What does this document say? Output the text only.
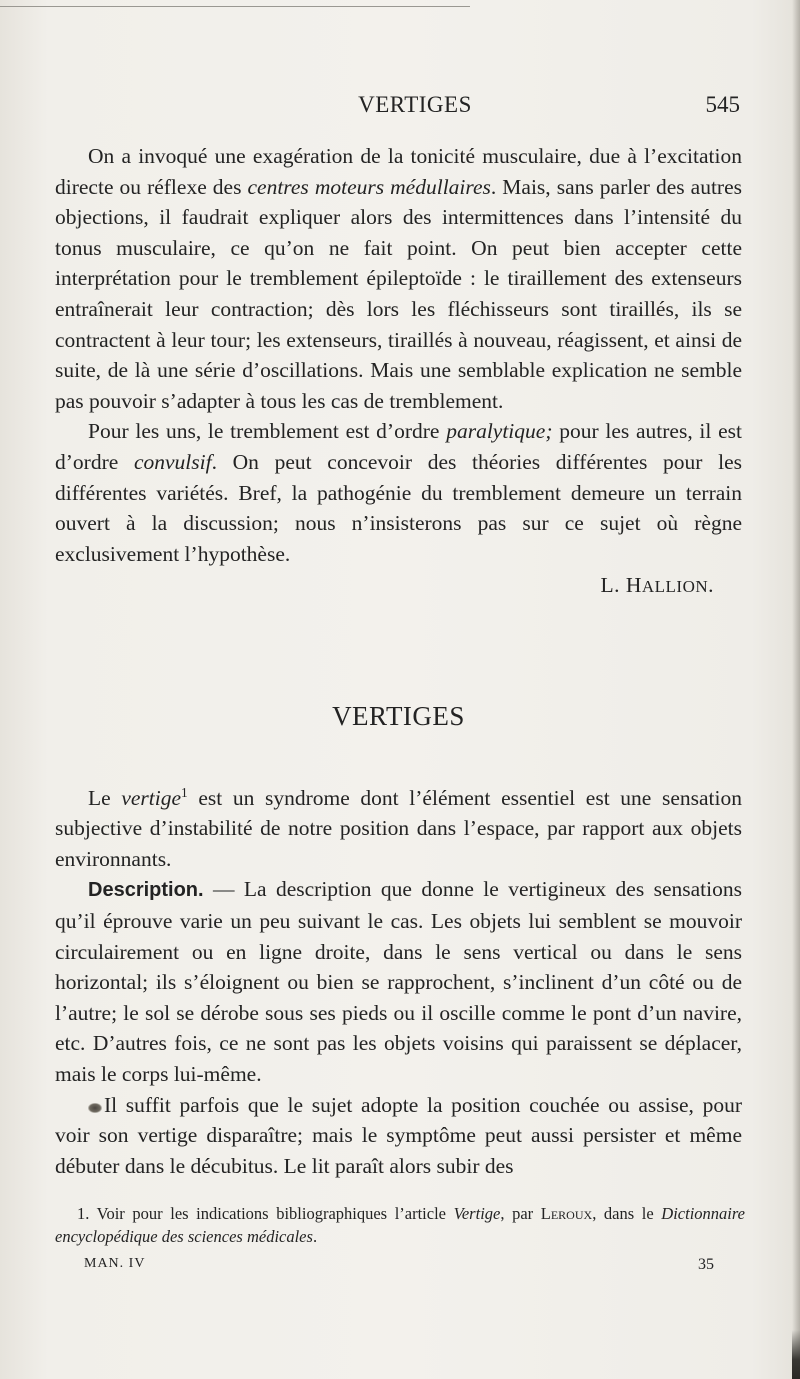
VERTIGES	545

On a invoqué une exagération de la tonicité musculaire, due à l’excitation directe ou réflexe des centres moteurs médullaires. Mais, sans parler des autres objections, il faudrait expliquer alors des intermittences dans l’intensité du tonus musculaire, ce qu’on ne fait point. On peut bien accepter cette interprétation pour le tremblement épileptoïde : le tiraillement des extenseurs entraînerait leur contraction; dès lors les fléchisseurs sont tiraillés, ils se contractent à leur tour; les extenseurs, tiraillés à nouveau, réagissent, et ainsi de suite, de là une série d’oscillations. Mais une semblable explication ne semble pas pouvoir s’adapter à tous les cas de tremblement.

Pour les uns, le tremblement est d’ordre paralytique; pour les autres, il est d’ordre convulsif. On peut concevoir des théories différentes pour les différentes variétés. Bref, la pathogénie du tremblement demeure un terrain ouvert à la discussion; nous n’insisterons pas sur ce sujet où règne exclusivement l’hypothèse.

L. HALLION.
VERTIGES

Le vertige$^1$ est un syndrome dont l’élément essentiel est une sensation subjective d’instabilité de notre position dans l’espace, par rapport aux objets environnants.

Description. — La description que donne le vertigineux des sensations qu’il éprouve varie un peu suivant le cas. Les objets lui semblent se mouvoir circulairement ou en ligne droite, dans le sens vertical ou dans le sens horizontal; ils s’éloignent ou bien se rapprochent, s’inclinent d’un côté ou de l’autre; le sol se dérobe sous ses pieds ou il oscille comme le pont d’un navire, etc. D’autres fois, ce ne sont pas les objets voisins qui paraissent se déplacer, mais le corps lui-même.

Il suffit parfois que le sujet adopte la position couchée ou assise, pour voir son vertige disparaître; mais le symptôme peut aussi persister et même débuter dans le décubitus. Le lit paraît alors subir des

1. Voir pour les indications bibliographiques l’article Vertige, par Leroux, dans le Dictionnaire encyclopédique des sciences médicales.

MAN. IV	35
